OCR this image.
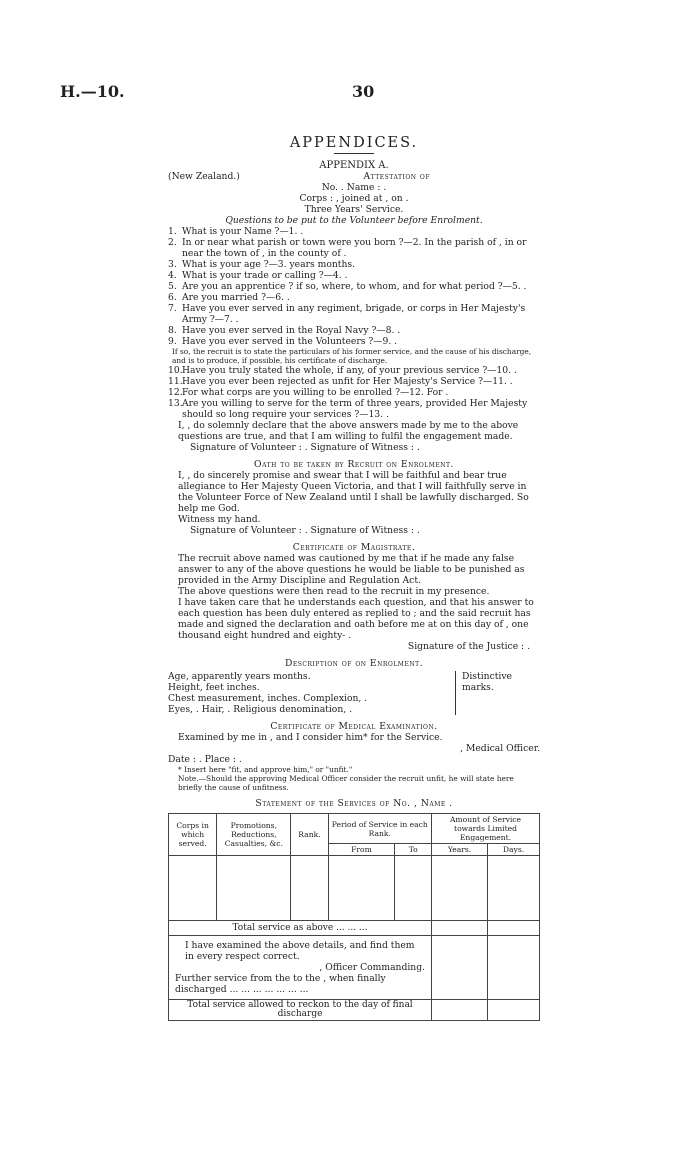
H.—10.	30
APPENDICES.
APPENDIX A.
(New Zealand.)	Attestation of
No. . Name : .
Corps : , joined at , on .
Three Years' Service.
Questions to be put to the Volunteer before Enrolment.
1. What is your Name ?—1. .
2. In or near what parish or town were you born ?—2. In the parish of , in or near the town of , in the county of .
3. What is your age ?—3. years months.
4. What is your trade or calling ?—4. .
5. Are you an apprentice ? if so, where, to whom, and for what period ?—5. .
6. Are you married ?—6. .
7. Have you ever served in any regiment, brigade, or corps in Her Majesty's Army ?—7. .
8. Have you ever served in the Royal Navy ?—8. .
9. Have you ever served in the Volunteers ?—9. .
If so, the recruit is to state the particulars of his former service, and the cause of his discharge, and is to produce, if possible, his certificate of discharge.
10. Have you truly stated the whole, if any, of your previous service ?—10. .
11. Have you ever been rejected as unfit for Her Majesty's Service ?—11. .
12. For what corps are you willing to be enrolled ?—12. For .
13. Are you willing to serve for the term of three years, provided Her Majesty should so long require your services ?—13. .
I, , do solemnly declare that the above answers made by me to the above questions are true, and that I am willing to fulfil the engagement made.
Signature of Volunteer : . Signature of Witness : .
Oath to be taken by Recruit on Enrolment.
I, , do sincerely promise and swear that I will be faithful and bear true allegiance to Her Majesty Queen Victoria, and that I will faithfully serve in the Volunteer Force of New Zealand until I shall be lawfully discharged. So help me God.
Witness my hand.
Signature of Volunteer : . Signature of Witness : .
Certificate of Magistrate.
The recruit above named was cautioned by me that if he made any false answer to any of the above questions he would be liable to be punished as provided in the Army Discipline and Regulation Act.
The above questions were then read to the recruit in my presence.
I have taken care that he understands each question, and that his answer to each question has been duly entered as replied to ; and the said recruit has made and signed the declaration and oath before me at on this day of , one thousand eight hundred and eighty- .
Signature of the Justice : .
Description of on Enrolment.
Age, apparently years months.
Height, feet inches.
Chest measurement, inches. Complexion, .
Eyes, . Hair, . Religious denomination, .
Distinctive marks.
Certificate of Medical Examination.
Examined by me in , and I consider him* for the Service.
, Medical Officer.
Date : . Place : .
* Insert here "fit, and approve him," or "unfit."
Note.—Should the approving Medical Officer consider the recruit unfit, he will state here briefly the cause of unfitness.
Statement of the Services of No. , Name .
Corps in which served.	Promotions, Reductions, Casualties, &c.	Rank.	Period of Service in each Rank.		Amount of Service towards Limited Engagement.	
			From	To	Years.	Days.

Total service as above ... ... ...						

I have examined the above details, and find them in every respect correct.
, Officer Commanding.
Further service from the to the , when finally discharged ... ... ... ... ... ... ...						

Total service allowed to reckon to the day of final discharge						
